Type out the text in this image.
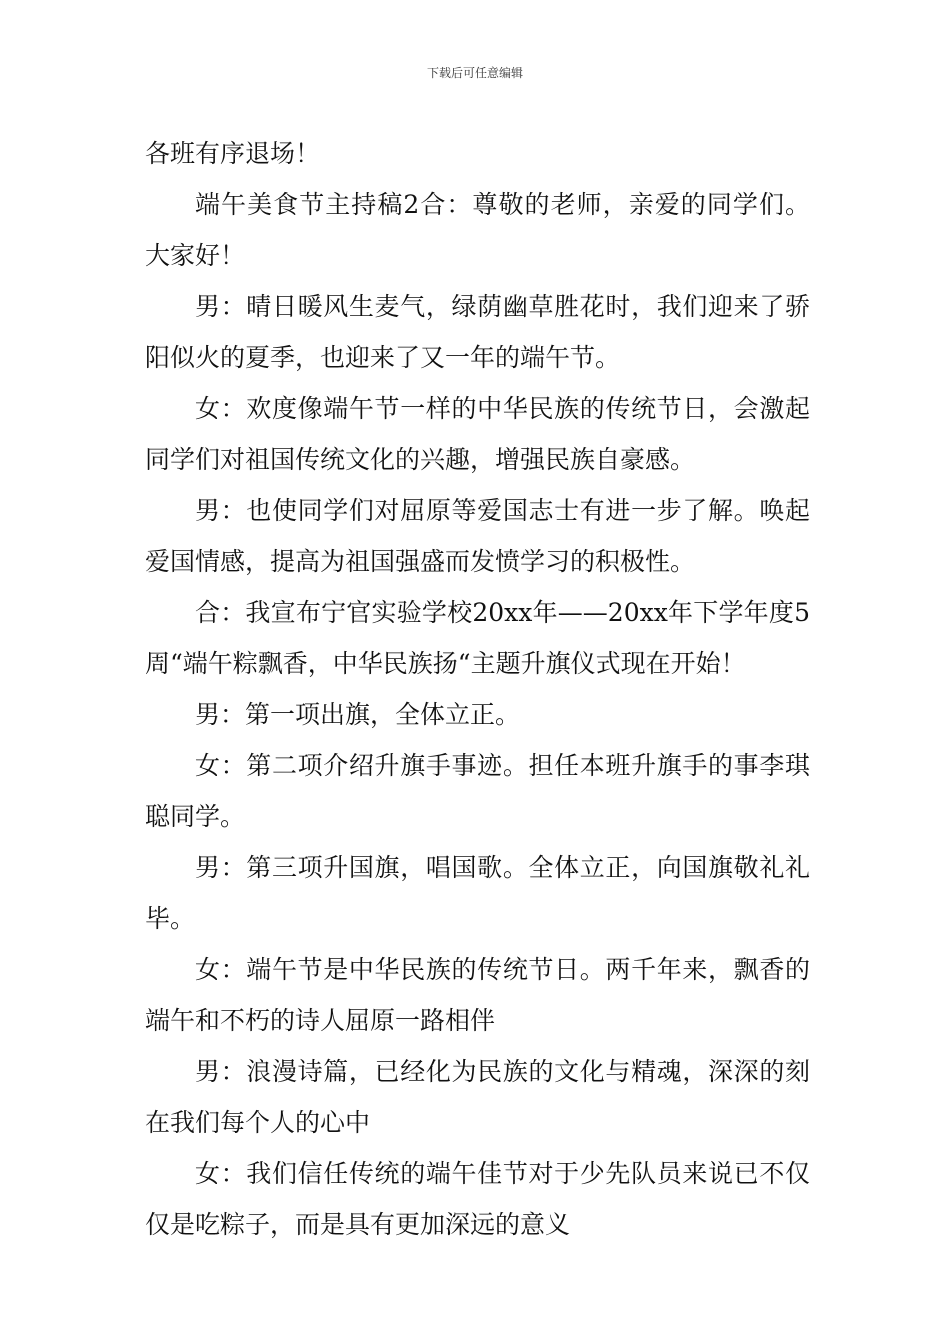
下载后可任意编辑

各班有序退场！

端午美食节主持稿2合：尊敬的老师，亲爱的同学们。大家好！

男：晴日暖风生麦气，绿荫幽草胜花时，我们迎来了骄阳似火的夏季，也迎来了又一年的端午节。

女：欢度像端午节一样的中华民族的传统节日，会激起同学们对祖国传统文化的兴趣，增强民族自豪感。

男：也使同学们对屈原等爱国志士有进一步了解。唤起爱国情感，提高为祖国强盛而发愤学习的积极性。

合：我宣布宁官实验学校20xx年——20xx年下学年度5周“端午粽飘香，中华民族扬“主题升旗仪式现在开始！

男：第一项出旗，全体立正。

女：第二项介绍升旗手事迹。担任本班升旗手的事李琪聪同学。

男：第三项升国旗，唱国歌。全体立正，向国旗敬礼礼毕。

女：端午节是中华民族的传统节日。两千年来，飘香的端午和不朽的诗人屈原一路相伴

男：浪漫诗篇，已经化为民族的文化与精魂，深深的刻在我们每个人的心中

女：我们信任传统的端午佳节对于少先队员来说已不仅仅是吃粽子，而是具有更加深远的意义
